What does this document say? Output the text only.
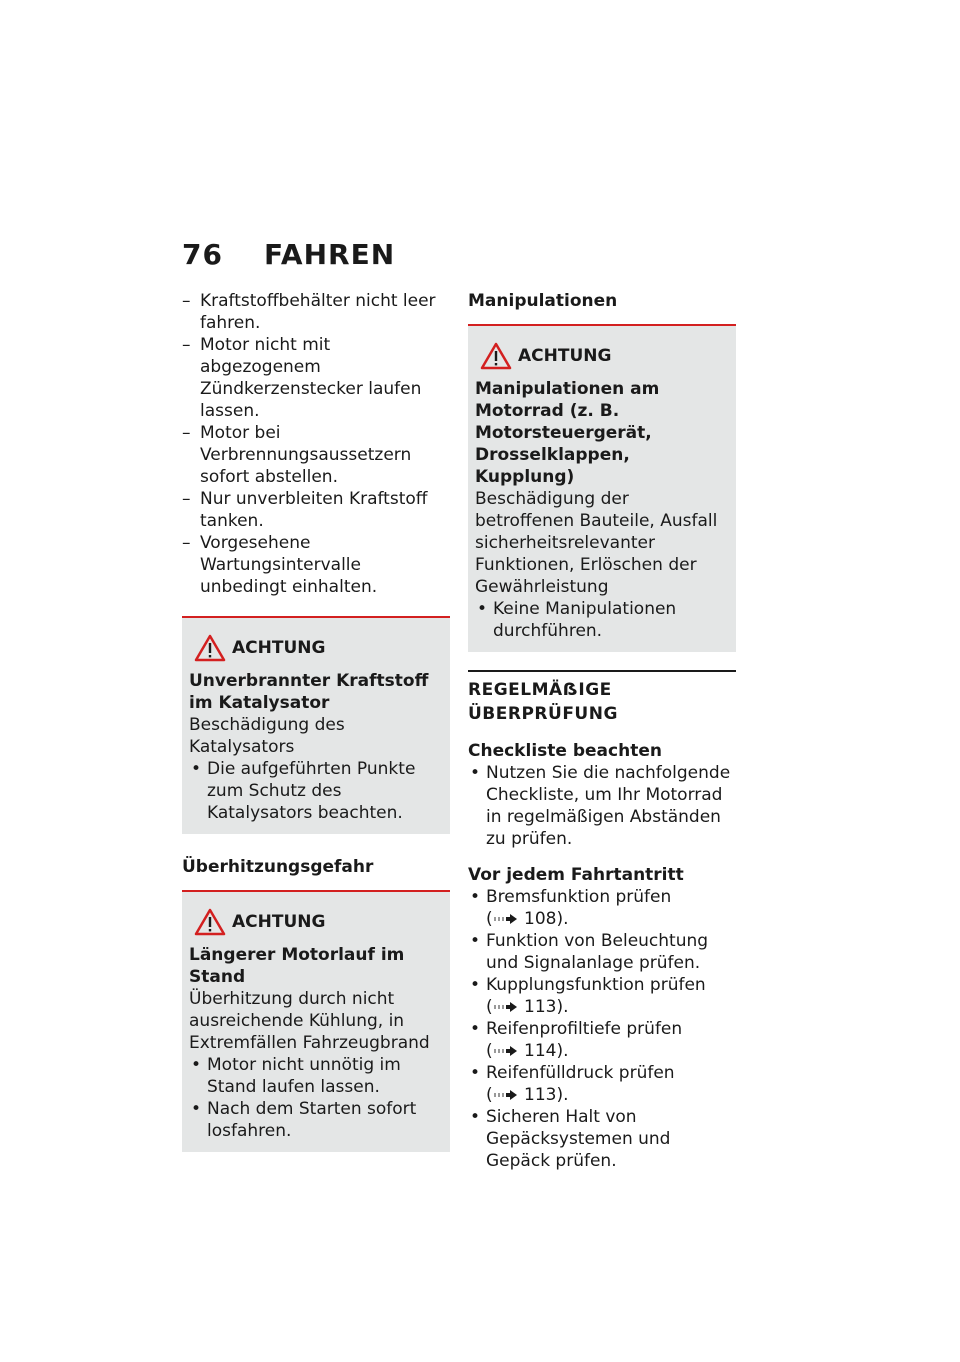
76 FAHREN
– Kraftstoffbehälter nicht leer fahren.
– Motor nicht mit abgezogenem Zündkerzenstecker laufen lassen.
– Motor bei Verbrennungsaussetzern sofort abstellen.
– Nur unverbleiten Kraftstoff tanken.
– Vorgesehene Wartungsintervalle unbedingt einhalten.
ACHTUNG
Unverbrannter Kraftstoff im Katalysator
Beschädigung des Katalysators
• Die aufgeführten Punkte zum Schutz des Katalysators beachten.
Überhitzungsgefahr
ACHTUNG
Längerer Motorlauf im Stand
Überhitzung durch nicht ausreichende Kühlung, in Extremfällen Fahrzeugbrand
• Motor nicht unnötig im Stand laufen lassen.
• Nach dem Starten sofort losfahren.
Manipulationen
ACHTUNG
Manipulationen am Motorrad (z. B. Motorsteuergerät, Drosselklappen, Kupplung)
Beschädigung der betroffenen Bauteile, Ausfall sicherheitsrelevanter Funktionen, Erlöschen der Gewährleistung
• Keine Manipulationen durchführen.
REGELMÄẞIGE ÜBERPRÜFUNG
Checkliste beachten
• Nutzen Sie die nachfolgende Checkliste, um Ihr Motorrad in regelmäßigen Abständen zu prüfen.
Vor jedem Fahrtantritt
• Bremsfunktion prüfen ( 108).
• Funktion von Beleuchtung und Signalanlage prüfen.
• Kupplungsfunktion prüfen ( 113).
• Reifenprofiltiefe prüfen ( 114).
• Reifenfülldruck prüfen ( 113).
• Sicheren Halt von Gepäcksystemen und Gepäck prüfen.
